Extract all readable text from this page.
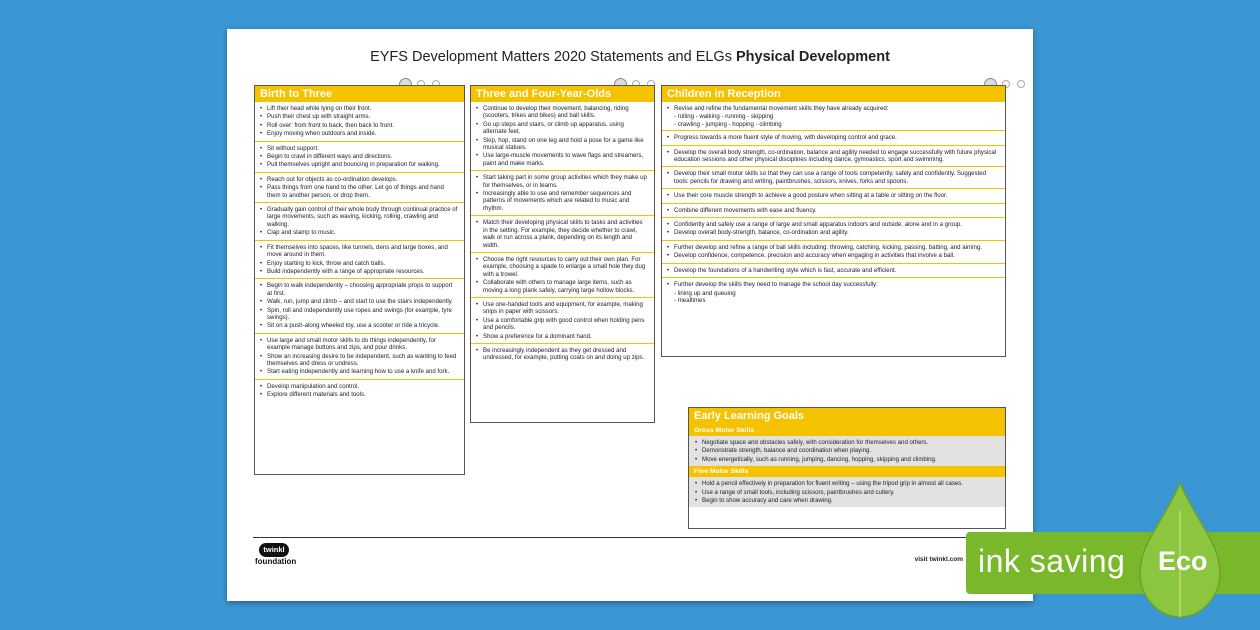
EYFS Development Matters 2020 Statements and ELGs Physical Development
Birth to Three
• Lift their head while lying on their front.
• Push their chest up with straight arms.
• Roll over: from front to back, then back to front.
• Enjoy moving when outdoors and inside.
• Sit without support.
• Begin to crawl in different ways and directions.
• Pull themselves upright and bouncing in preparation for walking.
• Reach out for objects as co-ordination develops.
• Pass things from one hand to the other. Let go of things and hand them to another person, or drop them.
• Gradually gain control of their whole body through continual practice of large movements, such as waving, kicking, rolling, crawling and walking.
• Clap and stamp to music.
• Fit themselves into spaces, like tunnels, dens and large boxes, and move around in them.
• Enjoy starting to kick, throw and catch balls.
• Build independently with a range of appropriate resources.
• Begin to walk independently – choosing appropriate props to support at first.
• Walk, run, jump and climb – and start to use the stairs independently.
• Spin, roll and independently use ropes and swings (for example, tyre swings).
• Sit on a push-along wheeled toy, use a scooter or ride a tricycle.
• Use large and small motor skills to do things independently, for example manage buttons and zips, and pour drinks.
• Show an increasing desire to be independent, such as wanting to feed themselves and dress or undress.
• Start eating independently and learning how to use a knife and fork.
• Develop manipulation and control.
• Explore different materials and tools.
Three and Four-Year-Olds
• Continue to develop their movement, balancing, riding (scooters, trikes and bikes) and ball skills.
• Go up steps and stairs, or climb up apparatus, using alternate feet.
• Skip, hop, stand on one leg and hold a pose for a game like musical statues.
• Use large-muscle movements to wave flags and streamers, paint and make marks.
• Start taking part in some group activities which they make up for themselves, or in teams.
• Increasingly able to use and remember sequences and patterns of movements which are related to music and rhythm.
• Match their developing physical skills to tasks and activities in the setting. For example, they decide whether to crawl, walk or run across a plank, depending on its length and width.
• Choose the right resources to carry out their own plan. For example, choosing a spade to enlarge a small hole they dug with a trowel.
• Collaborate with others to manage large items, such as moving a long plank safely, carrying large hollow blocks.
• Use one-handed tools and equipment, for example, making snips in paper with scissors.
• Use a comfortable grip with good control when holding pens and pencils.
• Show a preference for a dominant hand.
• Be increasingly independent as they get dressed and undressed, for example, putting coats on and doing up zips.
Children in Reception
• Revise and refine the fundamental movement skills they have already acquired:
- rolling - walking - running - skipping
- crawling - jumping - hopping - climbing
• Progress towards a more fluent style of moving, with developing control and grace.
• Develop the overall body strength, co-ordination, balance and agility needed to engage successfully with future physical education sessions and other physical disciplines including dance, gymnastics, sport and swimming.
• Develop their small motor skills so that they can use a range of tools competently, safely and confidently. Suggested tools: pencils for drawing and writing, paintbrushes, scissors, knives, forks and spoons.
• Use their core muscle strength to achieve a good posture when sitting at a table or sitting on the floor.
• Combine different movements with ease and fluency.
• Confidently and safely use a range of large and small apparatus indoors and outside, alone and in a group.
• Develop overall body-strength, balance, co-ordination and agility.
• Further develop and refine a range of ball skills including: throwing, catching, kicking, passing, batting, and aiming.
• Develop confidence, competence, precision and accuracy when engaging in activities that involve a ball.
• Develop the foundations of a handwriting style which is fast, accurate and efficient.
• Further develop the skills they need to manage the school day successfully:
- lining up and queuing
- mealtimes
Early Learning Goals
Gross Motor Skills
• Negotiate space and obstacles safely, with consideration for themselves and others.
• Demonstrate strength, balance and coordination when playing.
• Move energetically, such as running, jumping, dancing, hopping, skipping and climbing.
Fine Motor Skills
• Hold a pencil effectively in preparation for fluent writing – using the tripod grip in almost all cases.
• Use a range of small tools, including scissors, paintbrushes and cutlery.
• Begin to show accuracy and care when drawing.
twinkl
foundation	visit twinkl.com ink saving Eco
